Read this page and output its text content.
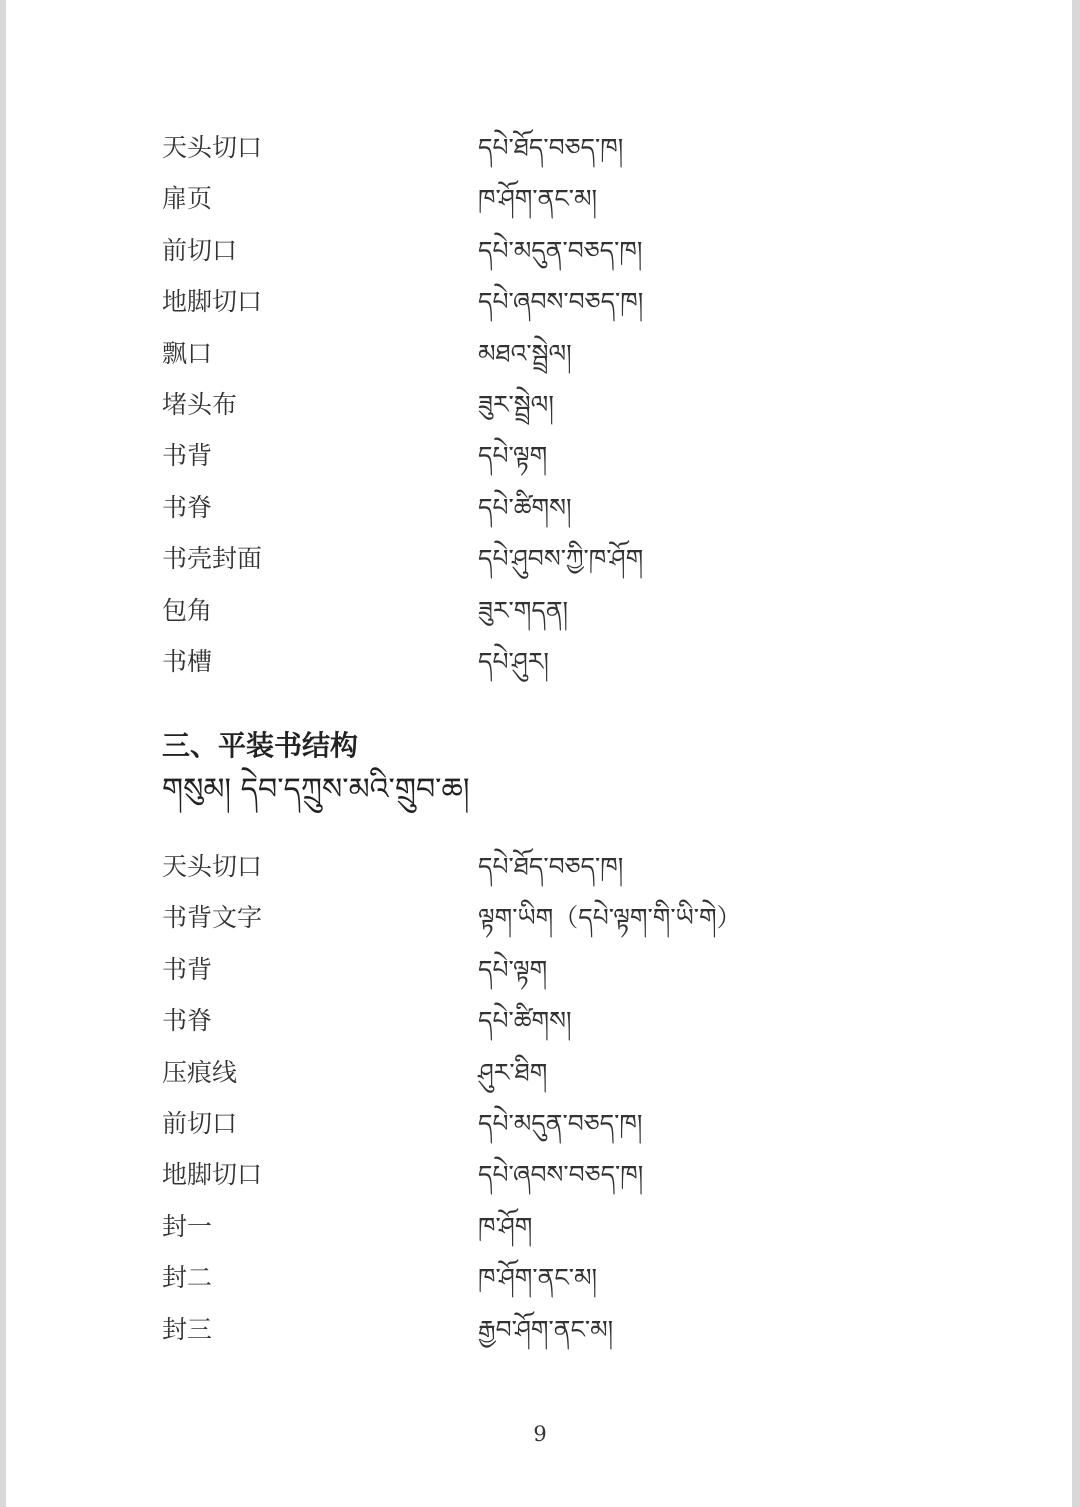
天头切口	དཔེ་ཐོད་བཅད་ཁ།
扉页	ཁ་ཤོག་ནང་མ།
前切口	དཔེ་མདུན་བཅད་ཁ།
地脚切口	དཔེ་ཞབས་བཅད་ཁ།
飘口	མཐའ་སྦྲེལ།
堵头布	ཟུར་སྦྲེལ།
书背	དཔེ་ལྟག
书脊	དཔེ་ཚིགས།
书壳封面	དཔེ་ཤུབས་ཀྱི་ཁ་ཤོག
包角	ཟུར་གདན།
书槽	དཔེ་ཤུར།
三、平装书结构
གསུམ། དེབ་དཀྲུས་མའི་གྲུབ་ཆ།
天头切口	དཔེ་ཐོད་བཅད་ཁ།
书背文字	ལྟག་ཡིག（དཔེ་ལྟག་གི་ཡི་གེ）
书背	དཔེ་ལྟག
书脊	དཔེ་ཚིགས།
压痕线	ཤུར་ཐིག
前切口	དཔེ་མདུན་བཅད་ཁ།
地脚切口	དཔེ་ཞབས་བཅད་ཁ།
封一	ཁ་ཤོག
封二	ཁ་ཤོག་ནང་མ།
封三	རྒྱབ་ཤོག་ནང་མ།
9
